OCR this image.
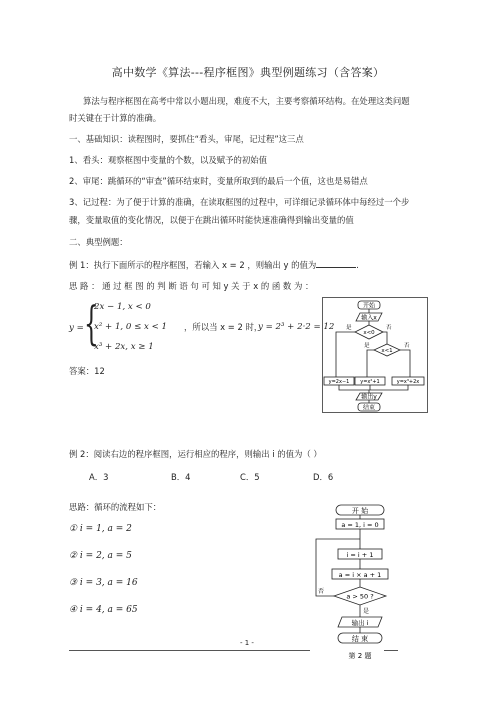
高中数学《算法---程序框图》典型例题练习（含答案）
算法与程序框图在高考中常以小题出现，难度不大，主要考察循环结构。在处理这类问题
时关键在于计算的准确。
一、基础知识：读程图时，要抓住“看头，审尾，记过程”这三点
1、看头：观察框图中变量的个数，以及赋予的初始值
2、审尾：跳循环的“审查”循环结束时，变量所取到的最后一个值，这也是易错点
3、记过程：为了便于计算的准确，在读取框图的过程中，可详细记录循环体中每经过一个步
骤，变量取值的变化情况，以便于在跳出循环时能快速准确得到输出变量的值
二、典型例题：
例 1：执行下面所示的程序框图，若输入 x = 2 ，则输出 y 的值为	.
思 路 ： 通 过 框 图 的 判 断 语 句 可 知 y 关 于 x 的 函 数 为 ：
y = {
2x − 1, x < 0
x² + 1, 0 ≤ x < 1
x³ + 2x, x ≥ 1
，所以当 x = 2 时，
y = 2³ + 2·2 = 12
答案：12
开始
输入x
x<0
是	否
x<1
是	否
y=2x−1 y=x²+1	y=x³+2x
输出y
结束
例 2：阅读右边的程序框图，运行相应的程序，则输出 i 的值为（ ）
A．3	B．4	C．5	D．6
思路：循环的流程如下：
① i = 1, a = 2
② i = 2, a = 5
③ i = 3, a = 16
④ i = 4, a = 65
开 始
a = 1, i = 0
i = i + 1
a = i × a + 1
a > 50 ?
否
是
输出 i
结 束
第 2 题
- 1 -
